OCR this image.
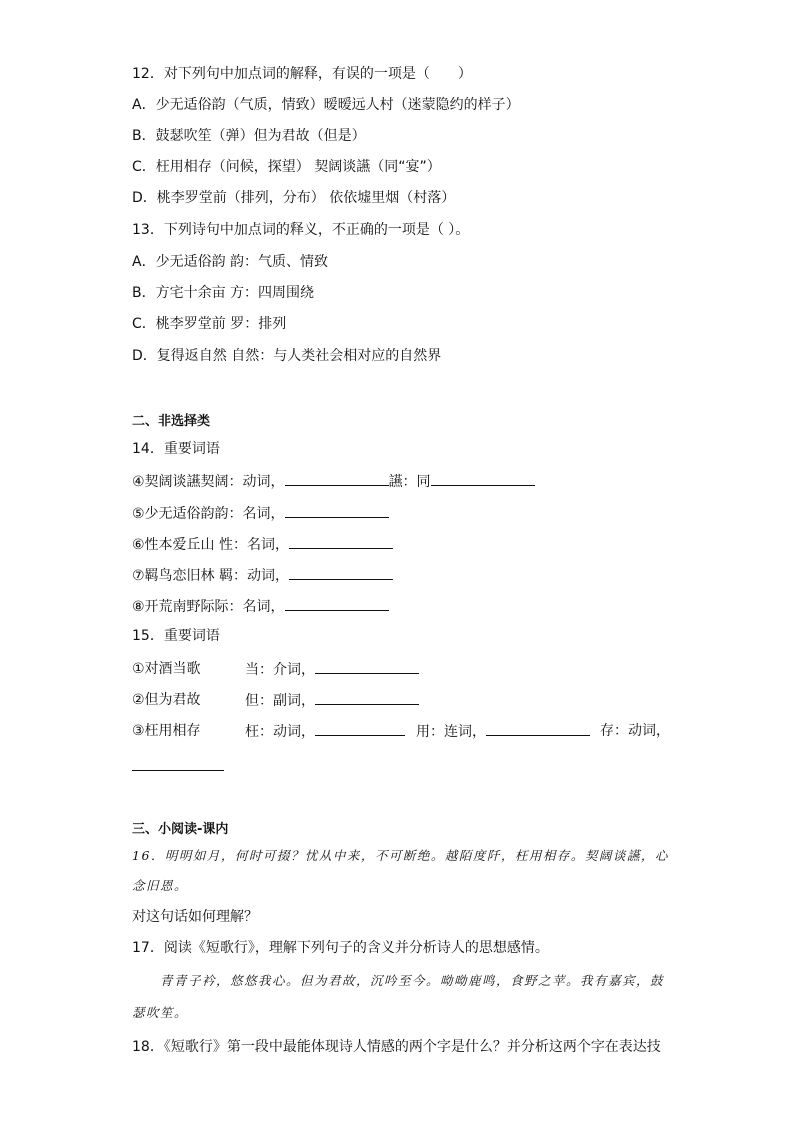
12．对下列句中加点词的解释，有误的一项是（　　）
A．少无适俗韵（气质，情致）暧暧远人村（迷蒙隐约的样子）
B．鼓瑟吹笙（弹）但为君故（但是）
C．枉用相存（问候，探望） 契阔谈讌（同“宴”）
D．桃李罗堂前（排列，分布） 依依墟里烟（村落）
13．下列诗句中加点词的释义，不正确的一项是（ ）。
A．少无适俗韵 韵：气质、情致
B．方宅十余亩 方：四周围绕
C．桃李罗堂前 罗：排列
D．复得返自然 自然：与人类社会相对应的自然界
二、非选择类
14．重要词语
④契阔谈讌契阔：动词，	讌：同
⑤少无适俗韵韵：名词，
⑥性本爱丘山 性：名词，
⑦羁鸟恋旧林 羁：动词，
⑧开荒南野际际：名词，
15．重要词语
①对酒当歌	当：介词，
②但为君故	但：副词，
③枉用相存	枉：动词，	用：连词，	存：动词，
三、小阅读-课内
16．明明如月，何时可掇？忧从中来，不可断绝。越陌度阡，枉用相存。契阔谈讌，心
念旧恩。
对这句话如何理解？
17．阅读《短歌行》，理解下列句子的含义并分析诗人的思想感情。
青青子衿，悠悠我心。但为君故，沉吟至今。呦呦鹿鸣，食野之苹。我有嘉宾，鼓
瑟吹笙。
18．《短歌行》第一段中最能体现诗人情感的两个字是什么？并分析这两个字在表达技
